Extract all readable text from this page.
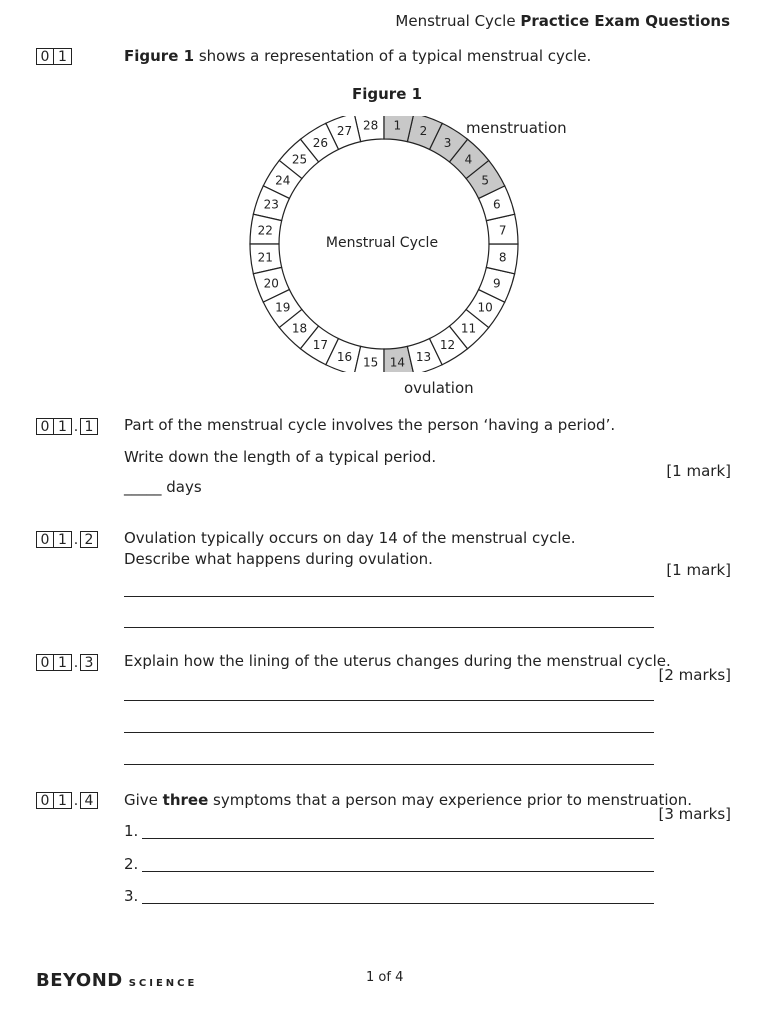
Menstrual Cycle Practice Exam Questions
0 1	Figure 1 shows a representation of a typical menstrual cycle.
Figure 1
menstruation
ovulation
Menstrual Cycle
1 2
3
4
5
6
7
8
9
10
11
12
13
14
15
16
17
18
19
20
21
22
23
24
25
26
27 28
0 1 . 1	Part of the menstrual cycle involves the person ‘having a period’.
Write down the length of a typical period.
[1 mark]
_____ days
0 1 . 2	Ovulation typically occurs on day 14 of the menstrual cycle.
Describe what happens during ovulation.
[1 mark]
0 1 . 3	Explain how the lining of the uterus changes during the menstrual cycle.
[2 marks]
0 1 . 4	Give three symptoms that a person may experience prior to menstruation.
[3 marks]
1.
2.
3.
BEYOND SCIENCE	1 of 4
